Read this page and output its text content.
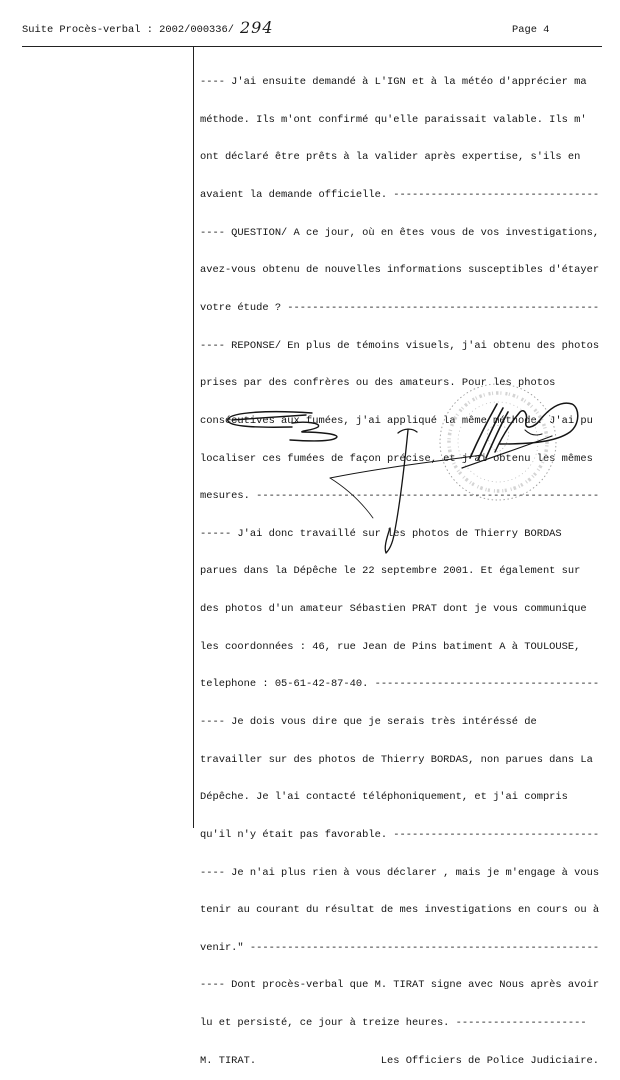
Suite Procès-verbal : 2002/000336/ 294	Page 4

---- J'ai ensuite demandé à L'IGN et à la météo d'apprécier ma

méthode. Ils m'ont confirmé qu'elle paraissait valable. Ils m'

ont déclaré être prêts à la valider après expertise, s'ils en

avaient la demande officielle. ---------------------------------

---- QUESTION/ A ce jour, où en êtes vous de vos investigations,

avez-vous obtenu de nouvelles informations susceptibles d'étayer

votre étude ? --------------------------------------------------

---- REPONSE/ En plus de témoins visuels, j'ai obtenu des photos

prises par des confrères ou des amateurs. Pour les photos

consécutives aux fumées, j'ai appliqué la même méthode. J'ai pu

localiser ces fumées de façon précise, et j'ai obtenu les mêmes

mesures. -------------------------------------------------------

----- J'ai donc travaillé sur les photos de Thierry BORDAS

parues dans la Dépêche le 22 septembre 2001. Et également sur

des photos d'un amateur Sébastien PRAT dont je vous communique

les coordonnées : 46, rue Jean de Pins batiment A à TOULOUSE,

telephone : 05-61-42-87-40. ------------------------------------

---- Je dois vous dire que je serais très intéréssé de

travailler sur des photos de Thierry BORDAS, non parues dans La

Dépêche. Je l'ai contacté téléphoniquement, et j'ai compris

qu'il n'y était pas favorable. ---------------------------------

---- Je n'ai plus rien à vous déclarer , mais je m'engage à vous

tenir au courant du résultat de mes investigations en cours ou à

venir." --------------------------------------------------------

---- Dont procès-verbal que M. TIRAT signe avec Nous après avoir

lu et persisté, ce jour à treize heures. ---------------------

M. TIRAT.	Les Officiers de Police Judiciaire.
